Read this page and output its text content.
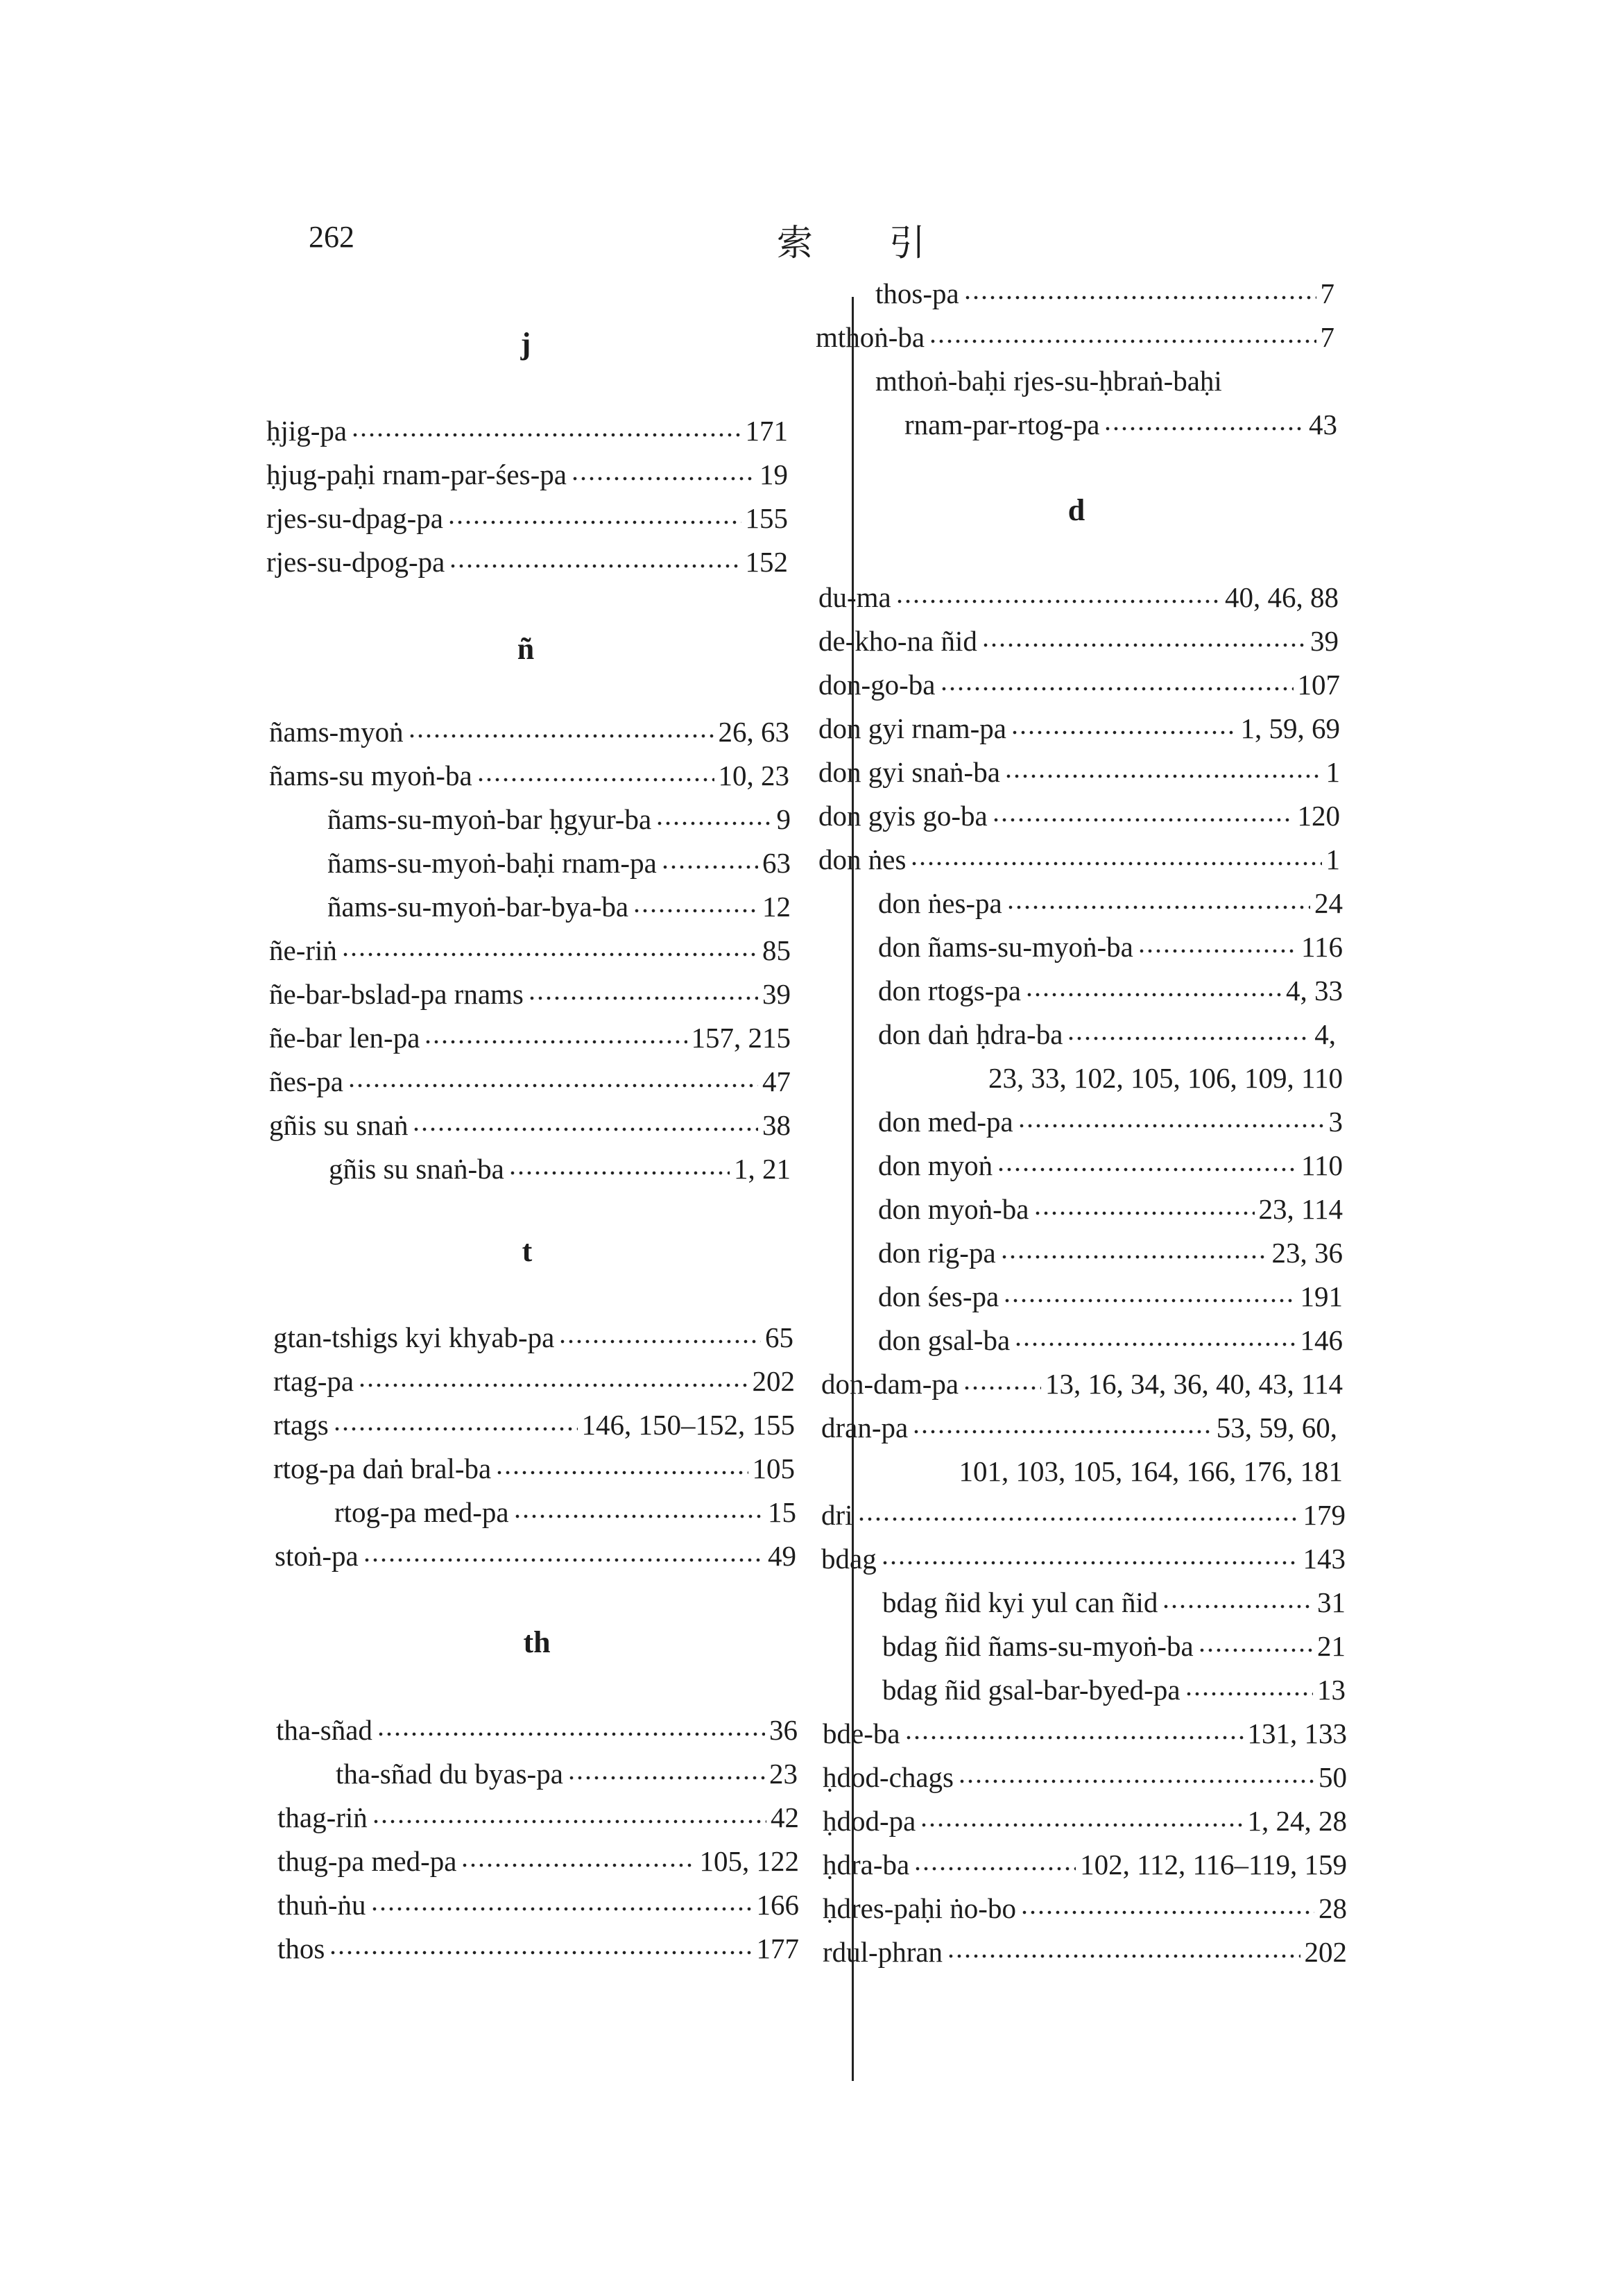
262	索引
j
ḥjig-pa	171
ḥjug-paḥi rnam-par-śes-pa	19
rjes-su-dpag-pa	155
rjes-su-dpog-pa	152
ñ
ñams-myoṅ	26, 63
ñams-su myoṅ-ba	10, 23
ñams-su-myoṅ-bar ḥgyur-ba	9
ñams-su-myoṅ-baḥi rnam-pa	63
ñams-su-myoṅ-bar-bya-ba	12
ñe-riṅ	85
ñe-bar-bslad-pa rnams	39
ñe-bar len-pa	157, 215
ñes-pa	47
gñis su snaṅ	38
gñis su snaṅ-ba	1, 21
t
gtan-tshigs kyi khyab-pa	65
rtag-pa	202
rtags	146, 150–152, 155
rtog-pa daṅ bral-ba	105
rtog-pa med-pa	15
stoṅ-pa	49
th
tha-sñad	36
tha-sñad du byas-pa	23
thag-riṅ	42
thug-pa med-pa	105, 122
thuṅ-ṅu	166
thos	177
thos-pa	7
mthoṅ-ba	7
mthoṅ-baḥi rjes-su-ḥbraṅ-baḥi
rnam-par-rtog-pa	43
d
du-ma	40, 46, 88
de-kho-na ñid	39
don-go-ba	107
don gyi rnam-pa	1, 59, 69
don gyi snaṅ-ba	1
don gyis go-ba	120
don ṅes	1
don ṅes-pa	24
don ñams-su-myoṅ-ba	116
don rtogs-pa	4, 33
don daṅ ḥdra-ba	4,
23, 33, 102, 105, 106, 109, 110
don med-pa	3
don myoṅ	110
don myoṅ-ba	23, 114
don rig-pa	23, 36
don śes-pa	191
don gsal-ba	146
don-dam-pa	13, 16, 34, 36, 40, 43, 114
dran-pa	53, 59, 60,
101, 103, 105, 164, 166, 176, 181
dri	179
bdag	143
bdag ñid kyi yul can ñid	31
bdag ñid ñams-su-myoṅ-ba	21
bdag ñid gsal-bar-byed-pa	13
bde-ba	131, 133
ḥdod-chags	50
ḥdod-pa	1, 24, 28
ḥdra-ba	102, 112, 116–119, 159
ḥdres-paḥi ṅo-bo	28
rdul-phran	202
